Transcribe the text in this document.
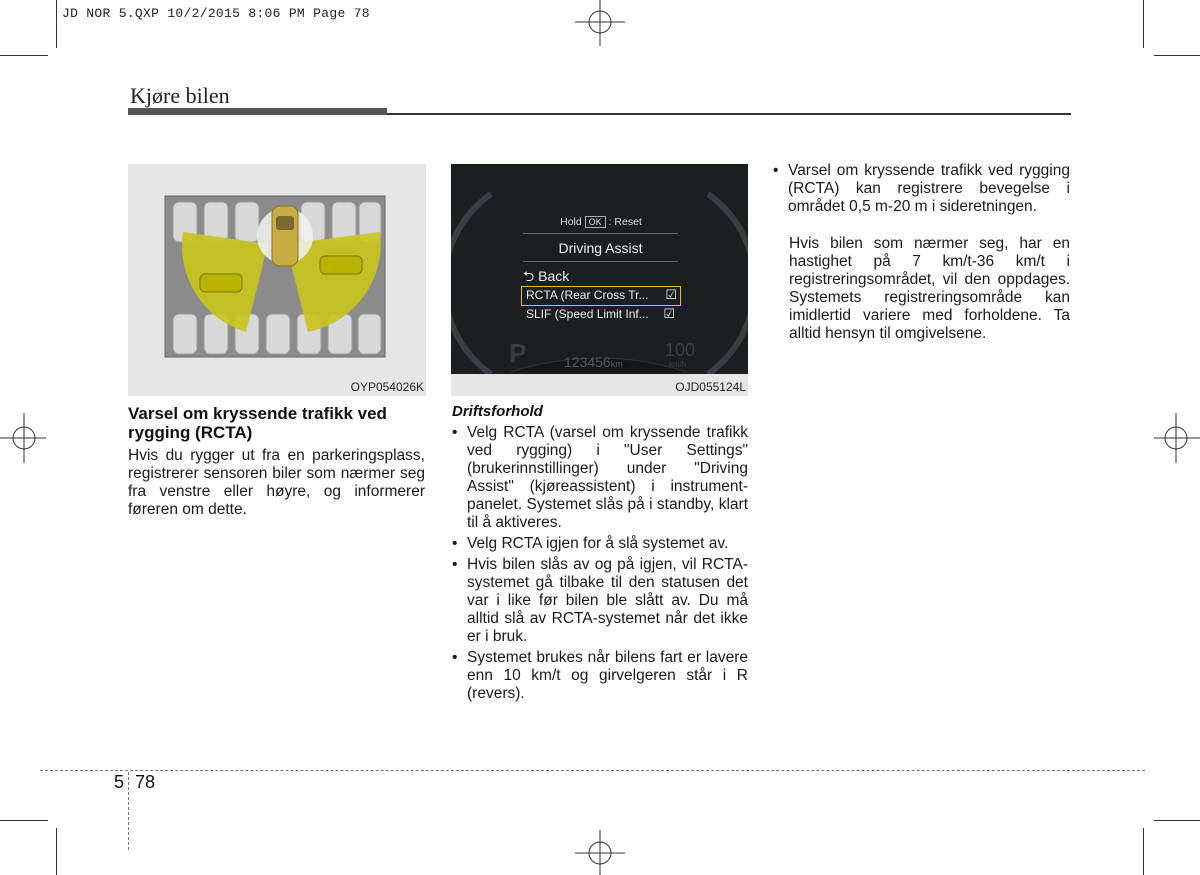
JD NOR 5.QXP 10/2/2015 8:06 PM Page 78
Kjøre bilen
OYP054026K
Hold OK : Reset
Driving Assist
⮌ Back
RCTA (Rear Cross Tr... ☑
SLIF (Speed Limit Inf... ☑
P	123456km
100
km/h
OJD055124L
Varsel om kryssende trafikk ved rygging (RCTA)
Hvis du rygger ut fra en parkeringsplass, registrerer sensoren biler som nærmer seg fra venstre eller høyre, og informerer føreren om dette.
Driftsforhold
• Velg RCTA (varsel om kryssende trafikk ved rygging) i "User Settings" (brukerinnstillinger) under "Driving Assist" (kjøreassistent) i instrument-panelet. Systemet slås på i standby, klart til å aktiveres.
• Velg RCTA igjen for å slå systemet av.
• Hvis bilen slås av og på igjen, vil RCTA-systemet gå tilbake til den statusen det var i like før bilen ble slått av. Du må alltid slå av RCTA-systemet når det ikke er i bruk.
• Systemet brukes når bilens fart er lavere enn 10 km/t og girvelgeren står i R (revers).
• Varsel om kryssende trafikk ved rygging (RCTA) kan registrere bevegelse i området 0,5 m-20 m i sideretningen.
Hvis bilen som nærmer seg, har en hastighet på 7 km/t-36 km/t i registreringsområdet, vil den oppdages. Systemets registreringsområde kan imidlertid variere med forholdene. Ta alltid hensyn til omgivelsene.
5 78
